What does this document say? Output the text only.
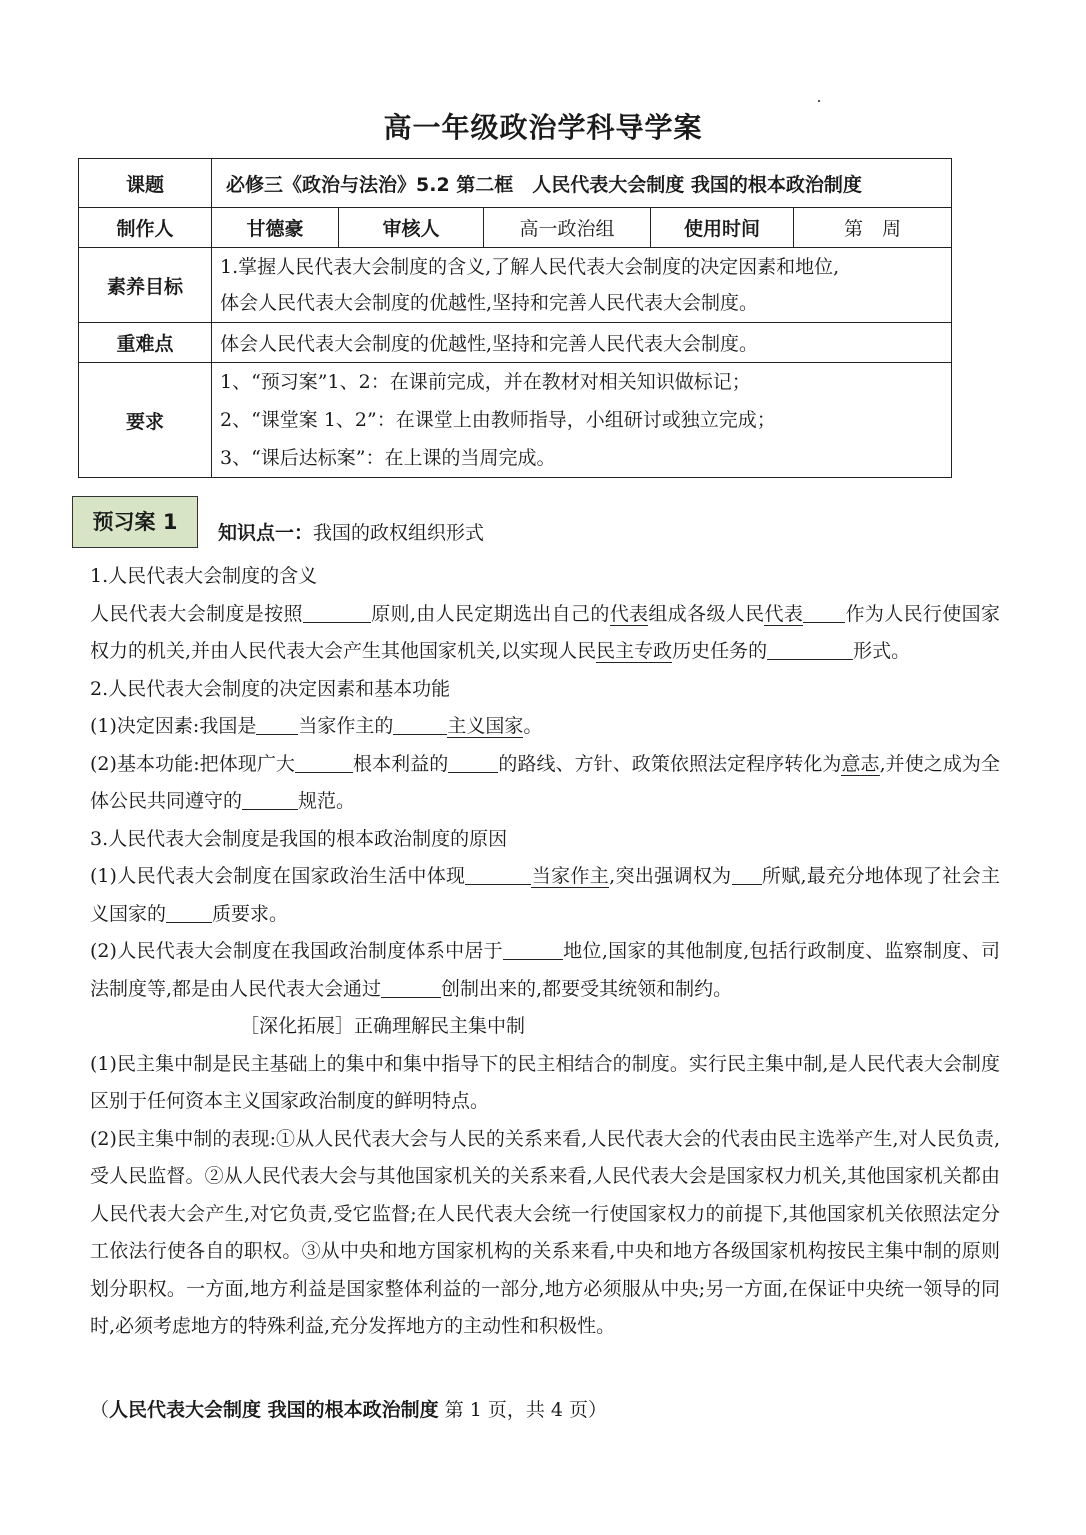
高一年级政治学科导学案
课题	必修三《政治与法治》5.2 第二框　人民代表大会制度 我国的根本政治制度				
制作人	甘德豪	审核人	高一政治组	使用时间	第　周
素养目标	1.掌握人民代表大会制度的含义,了解人民代表大会制度的决定因素和地位,
体会人民代表大会制度的优越性,坚持和完善人民代表大会制度。				

重难点	体会人民代表大会制度的优越性,坚持和完善人民代表大会制度。				
要求	1、“预习案”1、2：在课前完成，并在教材对相关知识做标记；
2、“课堂案 1、2”：在课堂上由教师指导，小组研讨或独立完成；
3、“课后达标案”：在上课的当周完成。				
预习案 1	知识点一：我国的政权组织形式

1.人民代表大会制度的含义

人民代表大会制度是按照	原则,由人民定期选出自己的代表组成各级人民代表 作为人民行使国家权力的机关,并由人民代表大会产生其他国家机关,以实现人民民主专政历史任务的	形式。

2.人民代表大会制度的决定因素和基本功能

(1)决定因素:我国是 当家作主的	主义国家。

(2)基本功能:把体现广大	根本利益的	的路线、方针、政策依照法定程序转化为意志,并使之成为全体公民共同遵守的	规范。

3.人民代表大会制度是我国的根本政治制度的原因

(1)人民代表大会制度在国家政治生活中体现	当家作主,突出强调权为 所赋,最充分地体现了社会主义国家的 质要求。

(2)人民代表大会制度在我国政治制度体系中居于	地位,国家的其他制度,包括行政制度、监察制度、司法制度等,都是由人民代表大会通过	创制出来的,都要受其统领和制约。

［深化拓展］正确理解民主集中制

(1)民主集中制是民主基础上的集中和集中指导下的民主相结合的制度。实行民主集中制,是人民代表大会制度区别于任何资本主义国家政治制度的鲜明特点。

(2)民主集中制的表现:①从人民代表大会与人民的关系来看,人民代表大会的代表由民主选举产生,对人民负责,受人民监督。②从人民代表大会与其他国家机关的关系来看,人民代表大会是国家权力机关,其他国家机关都由人民代表大会产生,对它负责,受它监督;在人民代表大会统一行使国家权力的前提下,其他国家机关依照法定分工依法行使各自的职权。③从中央和地方国家机构的关系来看,中央和地方各级国家机构按民主集中制的原则划分职权。一方面,地方利益是国家整体利益的一部分,地方必须服从中央;另一方面,在保证中央统一领导的同时,必须考虑地方的特殊利益,充分发挥地方的主动性和积极性。

（人民代表大会制度 我国的根本政治制度 第 1 页，共 4 页）
